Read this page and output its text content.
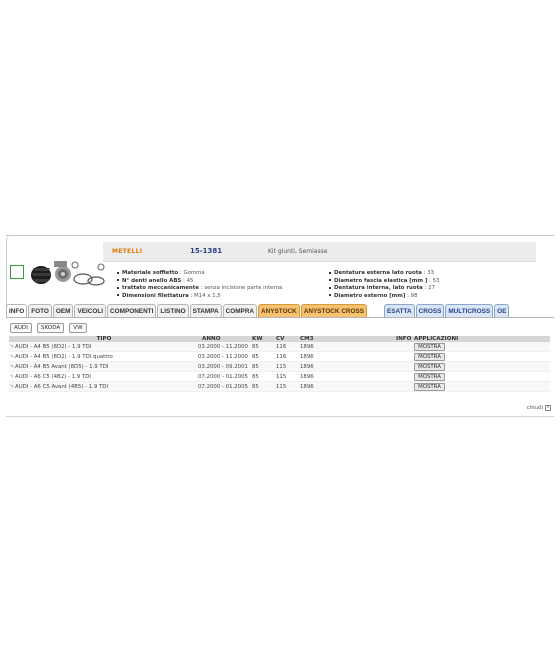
METELLI	15-1381	Kit giunti, Semiasse
Materiale soffietto : Gomma
N° denti anello ABS : 45
trattato meccanicamente : senza incisione parte interna
Dimensioni filettatura : M14 x 1,5
Dentatura esterna lato ruota : 33
Diametro fascia elastica [mm ] : 53
Dentatura interna, lato ruota : 27
Diametro esterno [mm] : 98
INFO	FOTO	OEM	VEICOLI	COMPONENTI	LISTINO	STAMPA	COMPRA	ANYSTOCK	ANYSTOCK CROSS	ESATTA	CROSS	MULTICROSS	OE
AUDI	SKODA	VW
TIPO	ANNO	KW	CV	CM3	INFO APPLICAZIONI
✎AUDI - A4 B5 (8D2) - 1.9 TDI	03.2000 - 11.2000 85	116	1896	MOSTRA
✎AUDI - A4 B5 (8D2) - 1.9 TDI quattro	03.2000 - 11.2000 85	116	1896	MOSTRA
✎AUDI - A4 B5 Avant (8D5) - 1.9 TDI	03.2000 - 09.2001 85	115	1896	MOSTRA
✎AUDI - A6 C5 (4B2) - 1.9 TDI	07.2000 - 01.2005 85	115	1896	MOSTRA
✎AUDI - A6 C5 Avant (4B5) - 1.9 TDI	07.2000 - 01.2005 85	115	1896	MOSTRA
chiudi ×
